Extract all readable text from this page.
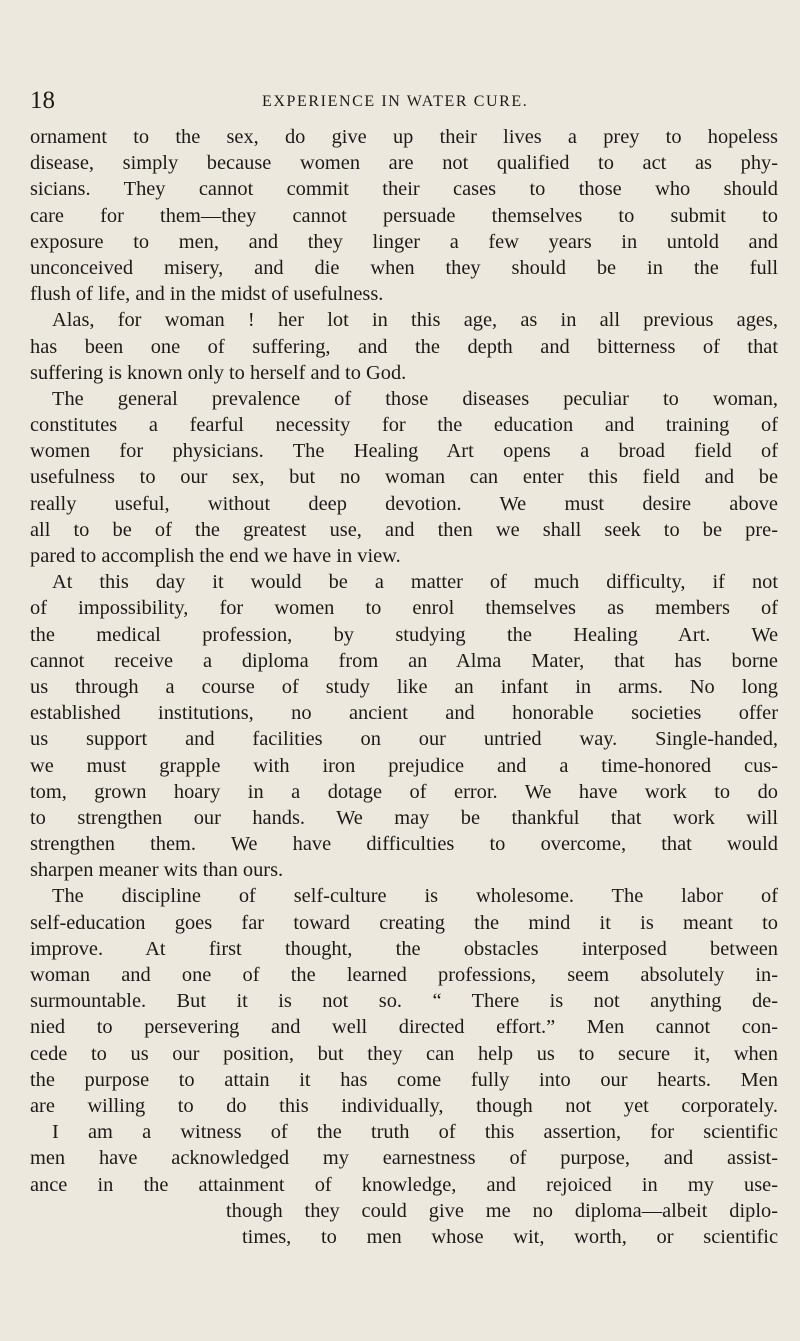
18	EXPERIENCE IN WATER CURE.
ornament to the sex, do give up their lives a prey to hopeless
disease, simply because women are not qualified to act as phy-
sicians. They cannot commit their cases to those who should
care for them—they cannot persuade themselves to submit to
exposure to men, and they linger a few years in untold and
unconceived misery, and die when they should be in the full
flush of life, and in the midst of usefulness.
Alas, for woman ! her lot in this age, as in all previous ages,
has been one of suffering, and the depth and bitterness of that
suffering is known only to herself and to God.
The general prevalence of those diseases peculiar to woman,
constitutes a fearful necessity for the education and training of
women for physicians. The Healing Art opens a broad field of
usefulness to our sex, but no woman can enter this field and be
really useful, without deep devotion. We must desire above
all to be of the greatest use, and then we shall seek to be pre-
pared to accomplish the end we have in view.
At this day it would be a matter of much difficulty, if not
of impossibility, for women to enrol themselves as members of
the medical profession, by studying the Healing Art. We
cannot receive a diploma from an Alma Mater, that has borne
us through a course of study like an infant in arms. No long
established institutions, no ancient and honorable societies offer
us support and facilities on our untried way. Single-handed,
we must grapple with iron prejudice and a time-honored cus-
tom, grown hoary in a dotage of error. We have work to do
to strengthen our hands. We may be thankful that work will
strengthen them. We have difficulties to overcome, that would
sharpen meaner wits than ours.
The discipline of self-culture is wholesome. The labor of
self-education goes far toward creating the mind it is meant to
improve. At first thought, the obstacles interposed between
woman and one of the learned professions, seem absolutely in-
surmountable. But it is not so. “ There is not anything de-
nied to persevering and well directed effort.” Men cannot con-
cede to us our position, but they can help us to secure it, when
the purpose to attain it has come fully into our hearts. Men
are willing to do this individually, though not yet corporately.
I am a witness of the truth of this assertion, for scientific
men have acknowledged my earnestness of purpose, and assist-
ance in the attainment of knowledge, and rejoiced in my use-
though they could give me no diploma—albeit diplo-
times, to men whose wit, worth, or scientific
